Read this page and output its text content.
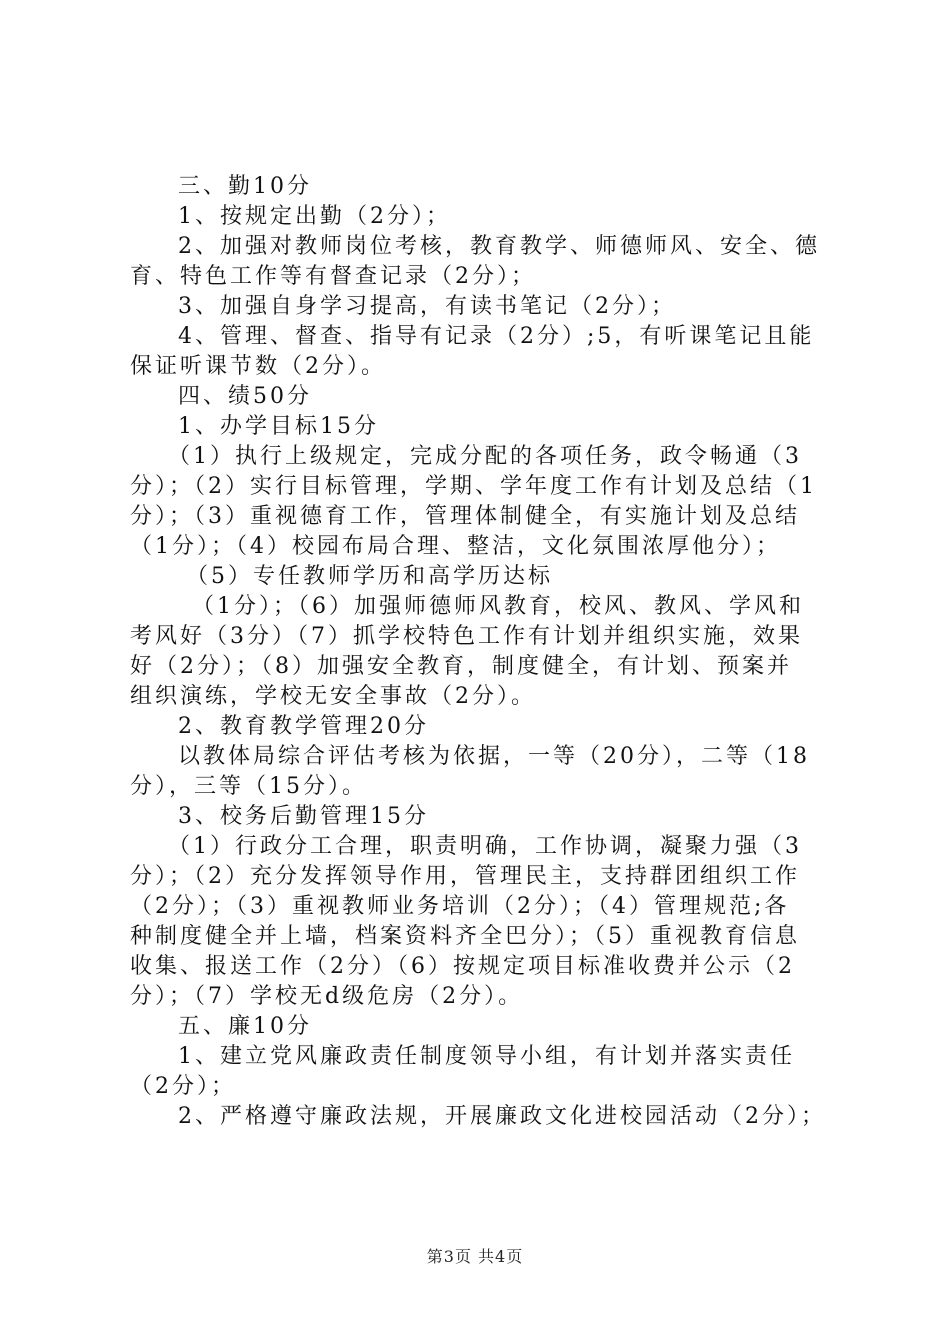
三、勤10分
1、按规定出勤（2分）；
2、加强对教师岗位考核，教育教学、师德师风、安全、德
育、特色工作等有督查记录（2分）；
3、加强自身学习提高，有读书笔记（2分）；
4、管理、督查、指导有记录（2分）;5，有听课笔记且能
保证听课节数（2分）。
四、绩50分
1、办学目标15分
（1）执行上级规定，完成分配的各项任务，政令畅通（3
分）；（2）实行目标管理，学期、学年度工作有计划及总结（1
分）；（3）重视德育工作，管理体制健全，有实施计划及总结
（1分）；（4）校园布局合理、整洁，文化氛围浓厚他分）；
（5）专任教师学历和高学历达标
（1分）；（6）加强师德师风教育，校风、教风、学风和
考风好（3分）（7）抓学校特色工作有计划并组织实施，效果
好（2分）；（8）加强安全教育，制度健全，有计划、预案并
组织演练，学校无安全事故（2分）。
2、教育教学管理20分
以教体局综合评估考核为依据，一等（20分），二等（18
分），三等（15分）。
3、校务后勤管理15分
（1）行政分工合理，职责明确，工作协调，凝聚力强（3
分）；（2）充分发挥领导作用，管理民主，支持群团组织工作
（2分）；（3）重视教师业务培训（2分）；（4）管理规范;各
种制度健全并上墙，档案资料齐全巴分）；（5）重视教育信息
收集、报送工作（2分）（6）按规定项目标准收费并公示（2
分）；（7）学校无d级危房（2分）。
五、廉10分
1、建立党风廉政责任制度领导小组，有计划并落实责任
（2分）；
2、严格遵守廉政法规，开展廉政文化进校园活动（2分）；
第3页 共4页
